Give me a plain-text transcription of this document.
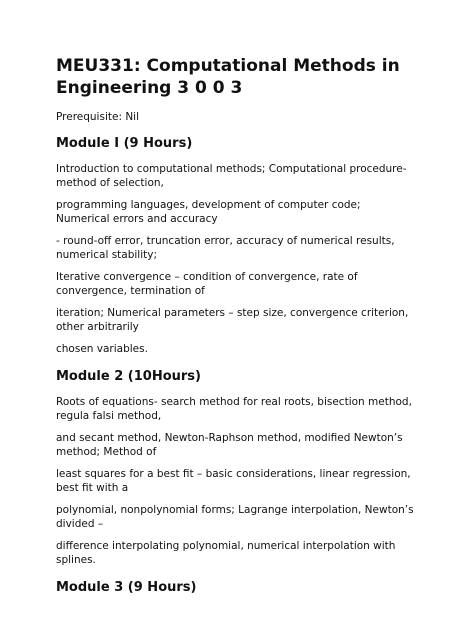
MEU331: Computational Methods in Engineering 3 0 0 3

Prerequisite: Nil

Module I (9 Hours)

Introduction to computational methods; Computational procedure-method of selection,

programming languages, development of computer code; Numerical errors and accuracy

- round-off error, truncation error, accuracy of numerical results, numerical stability;

Iterative convergence – condition of convergence, rate of convergence, termination of

iteration; Numerical parameters – step size, convergence criterion, other arbitrarily

chosen variables.

Module 2 (10Hours)

Roots of equations- search method for real roots, bisection method, regula falsi method,

and secant method, Newton-Raphson method, modified Newton’s method; Method of

least squares for a best fit – basic considerations, linear regression, best fit with a

polynomial, nonpolynomial forms; Lagrange interpolation, Newton’s divided –

difference interpolating polynomial, numerical interpolation with splines.

Module 3 (9 Hours)
